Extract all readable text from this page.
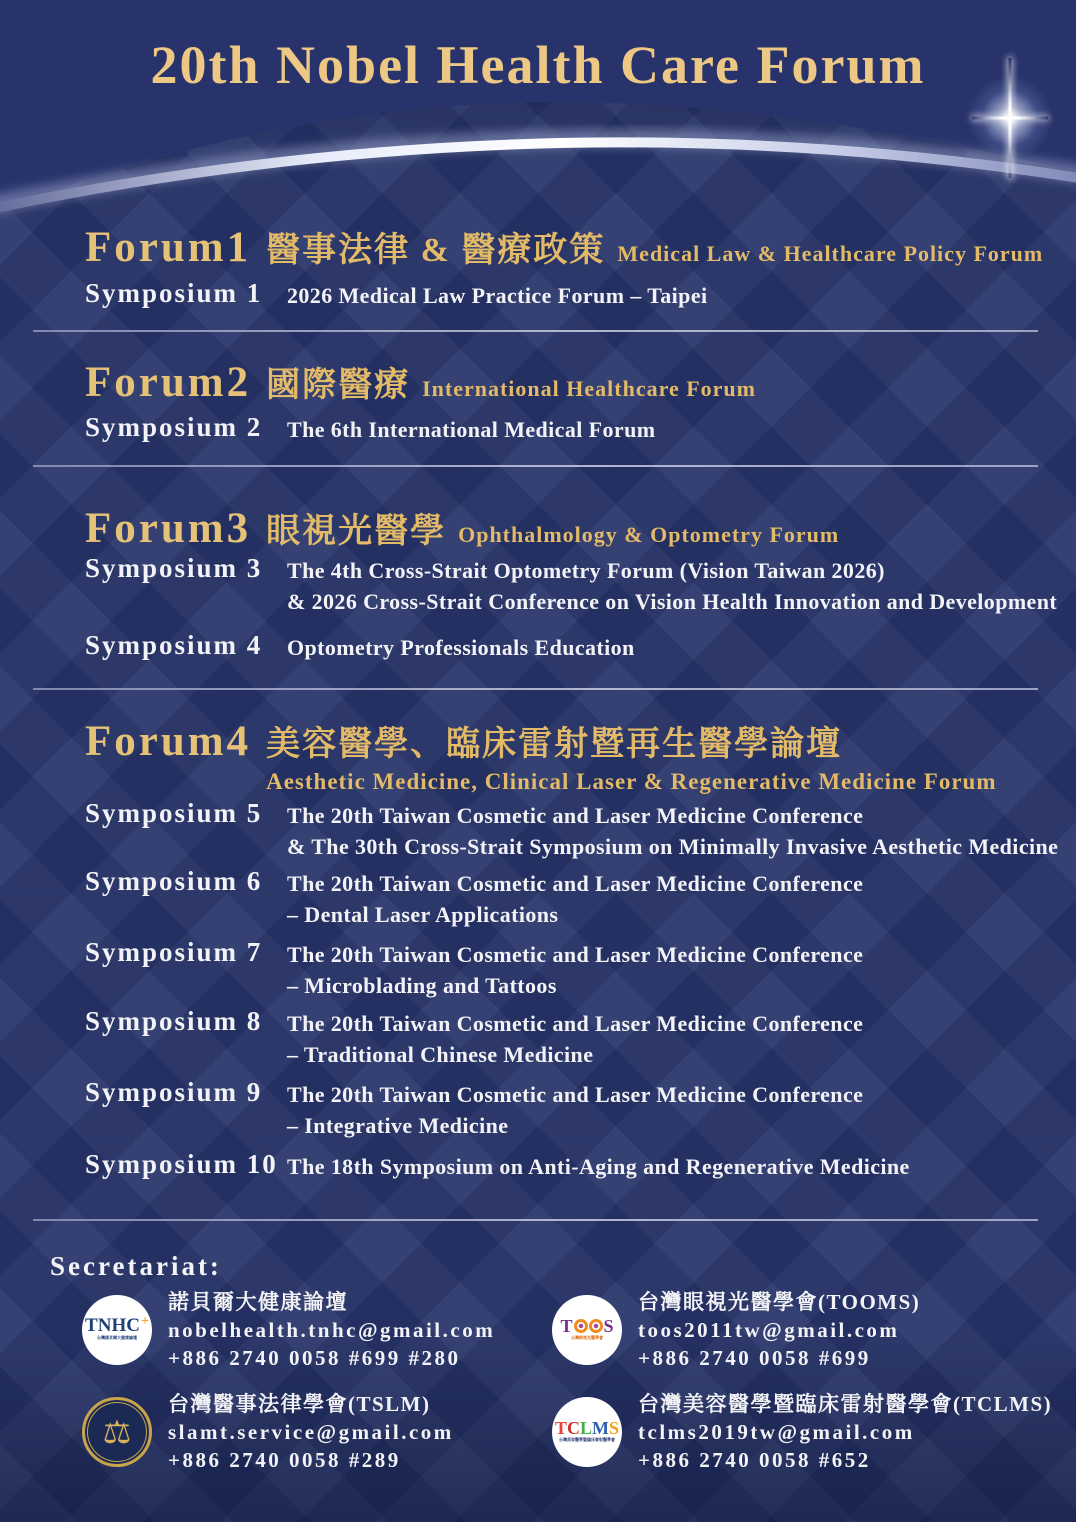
20th Nobel Health Care Forum
Forum1 醫事法律 & 醫療政策 Medical Law & Healthcare Policy Forum
Symposium 1	2026 Medical Law Practice Forum – Taipei
Forum2 國際醫療 International Healthcare Forum
Symposium 2	The 6th International Medical Forum
Forum3 眼視光醫學 Ophthalmology & Optometry Forum
Symposium 3	The 4th Cross-Strait Optometry Forum (Vision Taiwan 2026)
& 2026 Cross-Strait Conference on Vision Health Innovation and Development
Symposium 4	Optometry Professionals Education
Forum4 美容醫學、臨床雷射暨再生醫學論壇
Aesthetic Medicine, Clinical Laser & Regenerative Medicine Forum
Symposium 5	The 20th Taiwan Cosmetic and Laser Medicine Conference
& The 30th Cross-Strait Symposium on Minimally Invasive Aesthetic Medicine
Symposium 6	The 20th Taiwan Cosmetic and Laser Medicine Conference
– Dental Laser Applications
Symposium 7	The 20th Taiwan Cosmetic and Laser Medicine Conference
– Microblading and Tattoos
Symposium 8	The 20th Taiwan Cosmetic and Laser Medicine Conference
– Traditional Chinese Medicine
Symposium 9	The 20th Taiwan Cosmetic and Laser Medicine Conference
– Integrative Medicine
Symposium 10 The 18th Symposium on Anti-Aging and Regenerative Medicine
Secretariat:
TNHC +
台灣諾貝爾大健康論壇
諾貝爾大健康論壇
nobelhealth.tnhc@gmail.com
+886 2740 0058 #699 #280
T S
台灣眼視光醫學會
台灣眼視光醫學會(TOOMS)
toos2011tw@gmail.com
+886 2740 0058 #699
⚖
台灣醫事法律學會(TSLM)
slamt.service@gmail.com
+886 2740 0058 #289
T C L M S
台灣美容醫學暨臨床雷射醫學會
台灣美容醫學暨臨床雷射醫學會(TCLMS)
tclms2019tw@gmail.com
+886 2740 0058 #652
